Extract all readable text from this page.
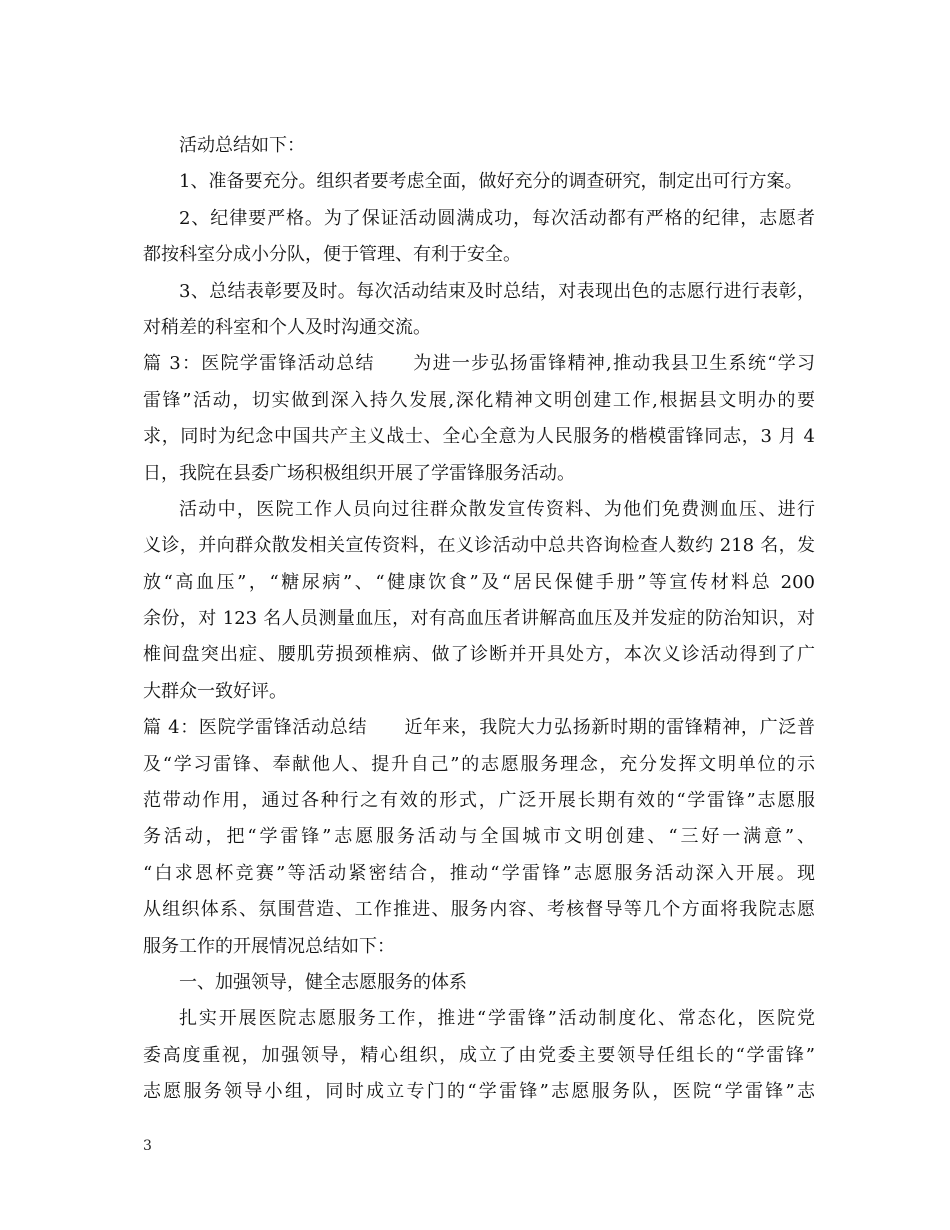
活动总结如下：
1、准备要充分。组织者要考虑全面，做好充分的调查研究，制定出可行方案。
2、纪律要严格。为了保证活动圆满成功，每次活动都有严格的纪律，志愿者
都按科室分成小分队，便于管理、有利于安全。
3、总结表彰要及时。每次活动结束及时总结，对表现出色的志愿行进行表彰，
对稍差的科室和个人及时沟通交流。
篇 3：医院学雷锋活动总结　　为进一步弘扬雷锋精神,推动我县卫生系统“学习
雷锋”活动，切实做到深入持久发展,深化精神文明创建工作,根据县文明办的要
求，同时为纪念中国共产主义战士、全心全意为人民服务的楷模雷锋同志，3 月 4
日，我院在县委广场积极组织开展了学雷锋服务活动。
活动中，医院工作人员向过往群众散发宣传资料、为他们免费测血压、进行
义诊，并向群众散发相关宣传资料，在义诊活动中总共咨询检查人数约 218 名，发
放“高血压”，“糖尿病”、“健康饮食”及“居民保健手册”等宣传材料总 200
余份，对 123 名人员测量血压，对有高血压者讲解高血压及并发症的防治知识，对
椎间盘突出症、腰肌劳损颈椎病、做了诊断并开具处方，本次义诊活动得到了广
大群众一致好评。
篇 4：医院学雷锋活动总结　　近年来，我院大力弘扬新时期的雷锋精神，广泛普
及“学习雷锋、奉献他人、提升自己”的志愿服务理念，充分发挥文明单位的示
范带动作用，通过各种行之有效的形式，广泛开展长期有效的“学雷锋”志愿服
务活动，把“学雷锋”志愿服务活动与全国城市文明创建、“三好一满意”、
“白求恩杯竞赛”等活动紧密结合，推动“学雷锋”志愿服务活动深入开展。现
从组织体系、氛围营造、工作推进、服务内容、考核督导等几个方面将我院志愿
服务工作的开展情况总结如下：
一、加强领导，健全志愿服务的体系
扎实开展医院志愿服务工作，推进“学雷锋”活动制度化、常态化，医院党
委高度重视，加强领导，精心组织，成立了由党委主要领导任组长的“学雷锋”
志愿服务领导小组，同时成立专门的“学雷锋”志愿服务队，医院“学雷锋”志
3
